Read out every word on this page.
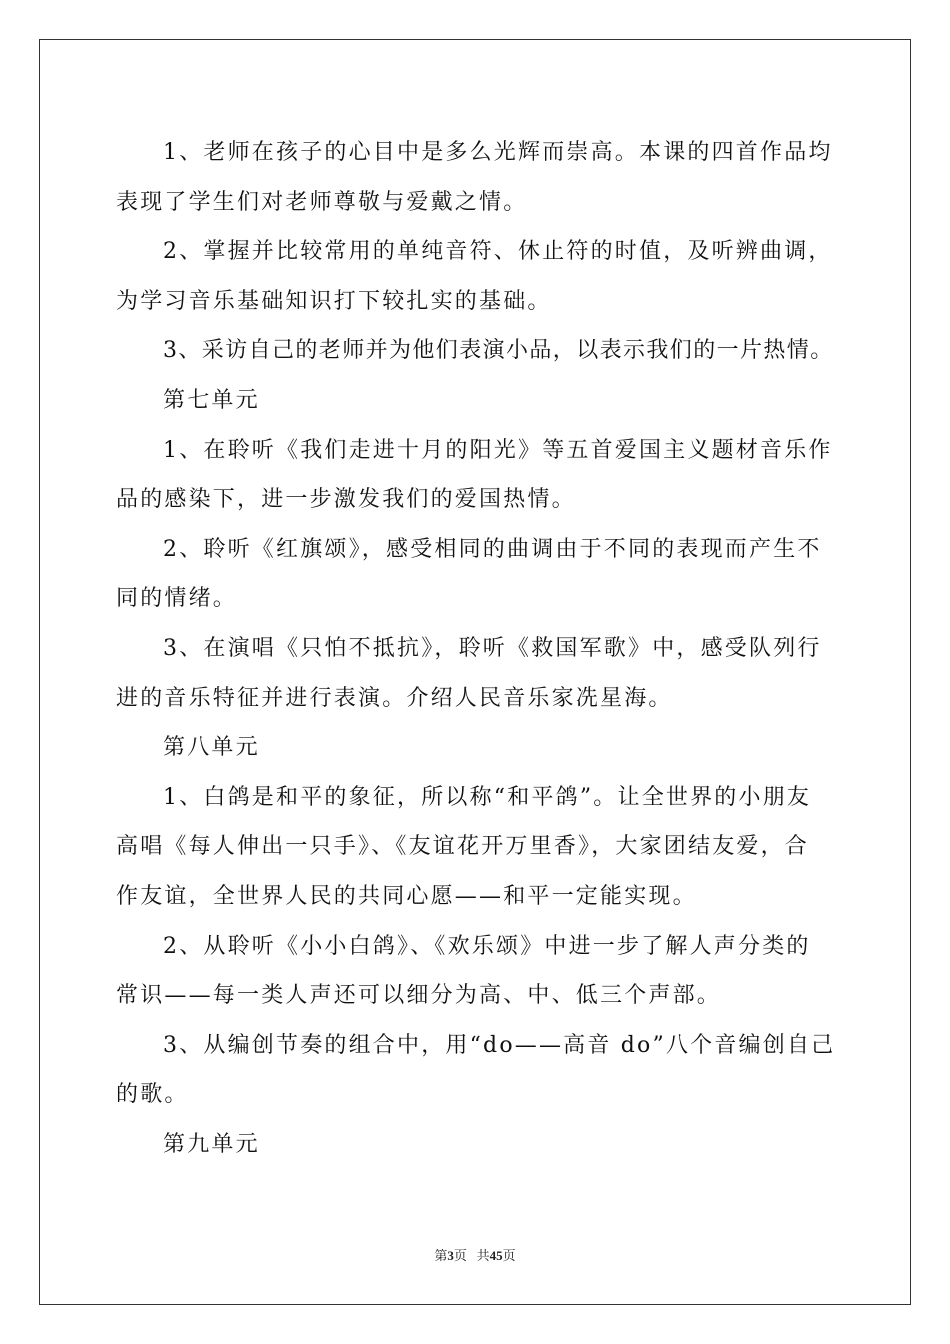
1、老师在孩子的心目中是多么光辉而崇高。本课的四首作品均
表现了学生们对老师尊敬与爱戴之情。
2、掌握并比较常用的单纯音符、休止符的时值，及听辨曲调，
为学习音乐基础知识打下较扎实的基础。
3、采访自己的老师并为他们表演小品，以表示我们的一片热情。
第七单元
1、在聆听《我们走进十月的阳光》等五首爱国主义题材音乐作
品的感染下，进一步激发我们的爱国热情。
2、聆听《红旗颂》，感受相同的曲调由于不同的表现而产生不
同的情绪。
3、在演唱《只怕不抵抗》，聆听《救国军歌》中，感受队列行
进的音乐特征并进行表演。介绍人民音乐家冼星海。
第八单元
1、白鸽是和平的象征，所以称“和平鸽”。让全世界的小朋友
高唱《每人伸出一只手》、《友谊花开万里香》，大家团结友爱，合
作友谊，全世界人民的共同心愿——和平一定能实现。
2、从聆听《小小白鸽》、《欢乐颂》中进一步了解人声分类的
常识——每一类人声还可以细分为高、中、低三个声部。
3、从编创节奏的组合中，用“do——高音 do”八个音编创自己
的歌。
第九单元
第3页 共45页
